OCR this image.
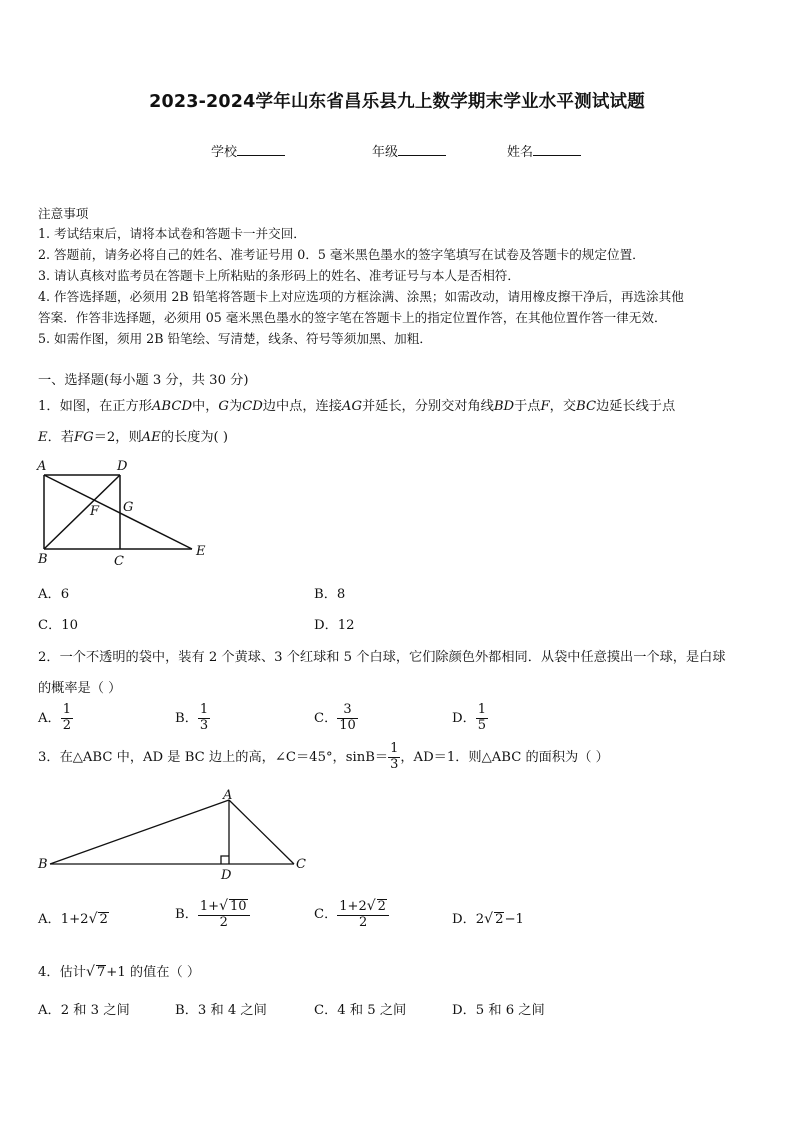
2023-2024学年山东省昌乐县九上数学期末学业水平测试试题
学校	年级	姓名
注意事项
1. 考试结束后，请将本试卷和答题卡一并交回．
2. 答题前，请务必将自己的姓名、准考证号用 0．5 毫米黑色墨水的签字笔填写在试卷及答题卡的规定位置．
3. 请认真核对监考员在答题卡上所粘贴的条形码上的姓名、准考证号与本人是否相符．
4. 作答选择题，必须用 2B 铅笔将答题卡上对应选项的方框涂满、涂黑；如需改动，请用橡皮擦干净后，再选涂其他
答案．作答非选择题，必须用 05 毫米黑色墨水的签字笔在答题卡上的指定位置作答，在其他位置作答一律无效．
5. 如需作图，须用 2B 铅笔绘、写清楚，线条、符号等须加黑、加粗．
一、选择题(每小题 3 分，共 30 分)
1．如图，在正方形ABCD中，G为CD边中点，连接AG并延长，分别交对角线BD于点F，交BC边延长线于点
E．若FG＝2，则AE的长度为( )
A	D
F G
B	C
E
A．6	B．8
C．10	D．12
2．一个不透明的袋中，装有 2 个黄球、3 个红球和 5 个白球，它们除颜色外都相同．从袋中任意摸出一个球，是白球
的概率是（ ）
A． $\frac{1}{2}$	B． $\frac{1}{3}$	C． $\frac{3}{10}$	D． $\frac{1}{5}$
3．在△ABC 中，AD 是 BC 边上的高，∠C＝45°，$\sin B= \frac{1}{3}$ ，AD＝1．则△ABC 的面积为（ ）
A
B	C
D
A．1+2√ 2	B． $\frac{1+√ 10}{2}$	C． $\frac{1+2√ 2}{2}$	D．2√ 2−1
4．估计√ 7+1 的值在（ ）
A．2 和 3 之间	B．3 和 4 之间	C．4 和 5 之间	D．5 和 6 之间
